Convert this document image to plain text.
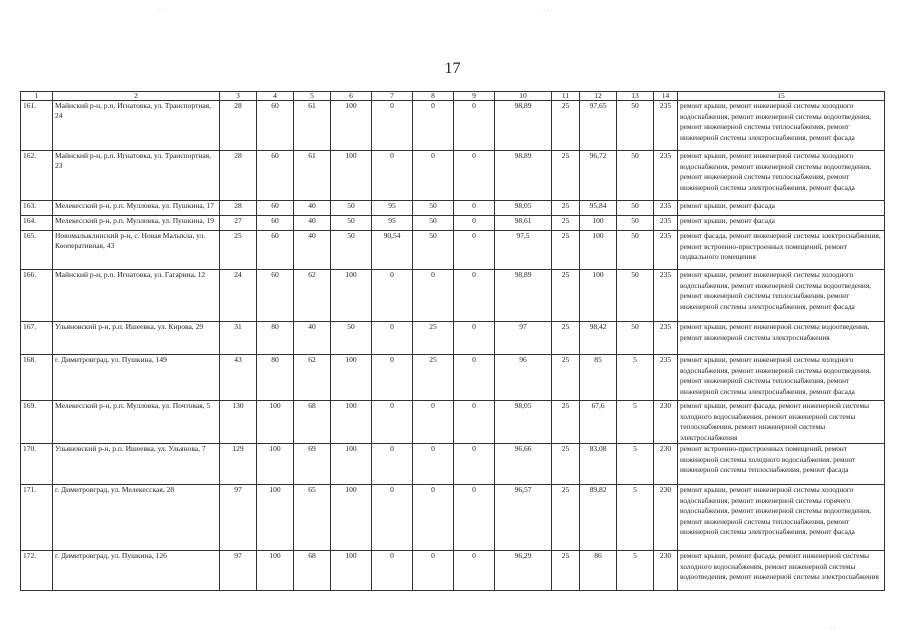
17
1	2	3	4	5	6	7	8	9	10	11	12	13	14	15
161.	Майнский р-н, р.п. Игнатовка, ул. Транспортная, 24	28	60	61	100	0	0	0	98,89	25	97,65	50	235	ремонт крыши, ремонт инженерной системы холодного водоснабжения, ремонт инженерной системы водоотведения, ремонт инженерной системы теплоснабжения, ремонт инженерной системы электроснабжения, ремонт фасада
162.	Майнский р-н, р.п. Игнатовка, ул. Транспортная, 23	28	60	61	100	0	0	0	98,89	25	96,72	50	235	ремонт крыши, ремонт инженерной системы холодного водоснабжения, ремонт инженерной системы водоотведения, ремонт инженерной системы теплоснабжения, ремонт инженерной системы электроснабжения, ремонт фасада
163.	Мелекесский р-н, р.п. Мулловка, ул. Пушкина, 17	28	60	40	50	95	50	0	98,05	25	95,84	50	235	ремонт крыши, ремонт фасада
164.	Мелекесский р-н, р.п. Мулловка, ул. Пушкина, 19	27	60	40	50	95	50	0	98,61	25	100	50	235	ремонт крыши, ремонт фасада
165.	Новомалыклинский р-н, с. Новая Малыкла, ул. Кооперативная, 43	25	60	40	50	90,54	50	0	97,5	25	100	50	235	ремонт фасада, ремонт инженерной системы электроснабжения, ремонт встроенно-пристроенных помещений, ремонт подвального помещения
166.	Майнский р-н, р.п. Игнатовка, ул. Гагарина, 12	24	60	62	100	0	0	0	98,89	25	100	50	235	ремонт крыши, ремонт инженерной системы холодного водоснабжения, ремонт инженерной системы водоотведения, ремонт инженерной системы теплоснабжения, ремонт инженерной системы электроснабжения, ремонт фасада
167.	Ульяновский р-н, р.п. Ишеевка, ул. Кирова, 29	31	80	40	50	0	25	0	97	25	98,42	50	235	ремонт крыши, ремонт инженерной системы водоотведения, ремонт инженерной системы электроснабжения
168.	г. Димитровград, ул. Пушкина, 149	43	80	62	100	0	25	0	96	25	85	5	235	ремонт крыши, ремонт инженерной системы холодного водоснабжения, ремонт инженерной системы водоотведения, ремонт инженерной системы теплоснабжения, ремонт инженерной системы электроснабжения, ремонт фасада
169.	Мелекесский р-н, р.п. Мулловка, ул. Почтовая, 5	130	100	68	100	0	0	0	98,05	25	67,6	5	230	ремонт крыши, ремонт фасада, ремонт инженерной системы холодного водоснабжения, ремонт инженерной системы теплоснабжения, ремонт инженерной системы электроснабжения
170.	Ульяновский р-н, р.п. Ишеевка, ул. Ульянова, 7	129	100	69	100	0	0	0	96,66	25	83,08	5	230	ремонт встроенно-пристроенных помещений, ремонт инженерной системы холодного водоснабжения, ремонт инженерной системы теплоснабжения, ремонт фасада
171.	г. Димитровград, ул. Мелекесская, 28	97	100	65	100	0	0	0	96,57	25	89,82	5	230	ремонт крыши, ремонт инженерной системы холодного водоснабжения, ремонт инженерной системы горячего водоснабжения, ремонт инженерной системы водоотведения, ремонт инженерной системы теплоснабжения, ремонт инженерной системы электроснабжения, ремонт фасада
172.	г. Димитровград, ул. Пушкина, 126	97	100	68	100	0	0	0	96,29	25	86	5	230	ремонт крыши, ремонт фасада, ремонт инженерной системы холодного водоснабжения, ремонт инженерной системы водоотведения, ремонт инженерной системы электроснабжения
· · ·	· · · ·
· ·
